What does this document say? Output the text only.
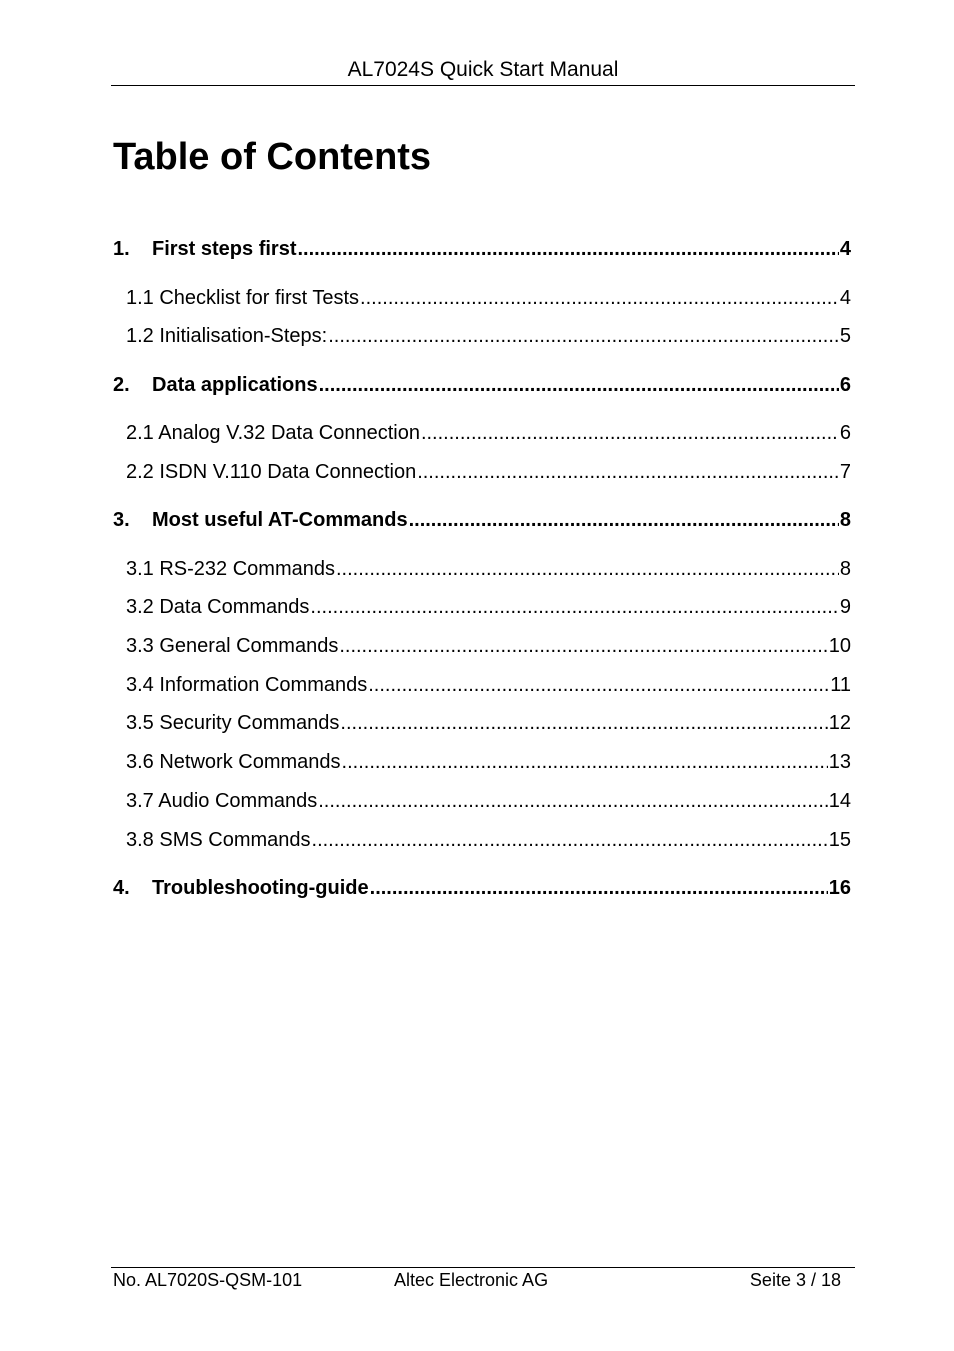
AL7024S Quick Start Manual
Table of Contents
1.	First steps first .....	4
1.1 Checklist for first Tests .....	4
1.2 Initialisation-Steps: .....	5
2.	Data applications .....	6
2.1 Analog V.32 Data Connection .....	6
2.2 ISDN V.110 Data Connection .....	7
3.	Most useful AT-Commands .....	8
3.1 RS-232 Commands .....	8
3.2 Data Commands .....	9
3.3 General Commands .....	10
3.4 Information Commands .....	11
3.5 Security Commands .....	12
3.6 Network Commands .....	13
3.7 Audio Commands .....	14
3.8 SMS Commands .....	15
4.	Troubleshooting-guide .....	16
No. AL7020S-QSM-101	Altec Electronic AG	Seite 3 / 18
